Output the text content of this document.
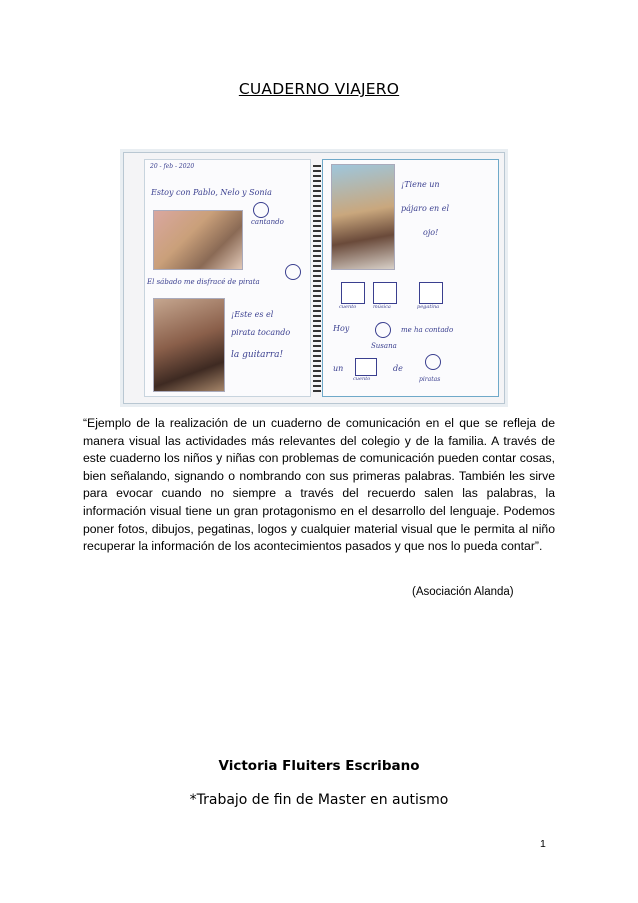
CUADERNO VIAJERO
20 - feb - 2020
Estoy con Pablo, Nelo y Sonia
cantando
El sábado me disfracé de pirata
¡Este es el
pirata tocando
la guitarra!
¡Tiene un
pájaro en el
ojo!
cuento	música	pegatina
Hoy	me ha contado
Susana
un
cuento
de
piratas
“Ejemplo de la realización de un cuaderno de comunicación en el que se refleja de manera visual las actividades más relevantes del colegio y de la familia. A través de este cuaderno los niños y niñas con problemas de comunicación pueden contar cosas, bien señalando, signando o nombrando con sus primeras palabras. También les sirve para evocar cuando no siempre a través del recuerdo salen las palabras, la información visual tiene un gran protagonismo en el desarrollo del lenguaje. Podemos poner fotos, dibujos, pegatinas, logos y cualquier material visual que le permita al niño recuperar la información de los acontecimientos pasados y que nos lo pueda contar”.
(Asociación Alanda)
Victoria Fluiters Escribano
*Trabajo de fin de Master en autismo
1
